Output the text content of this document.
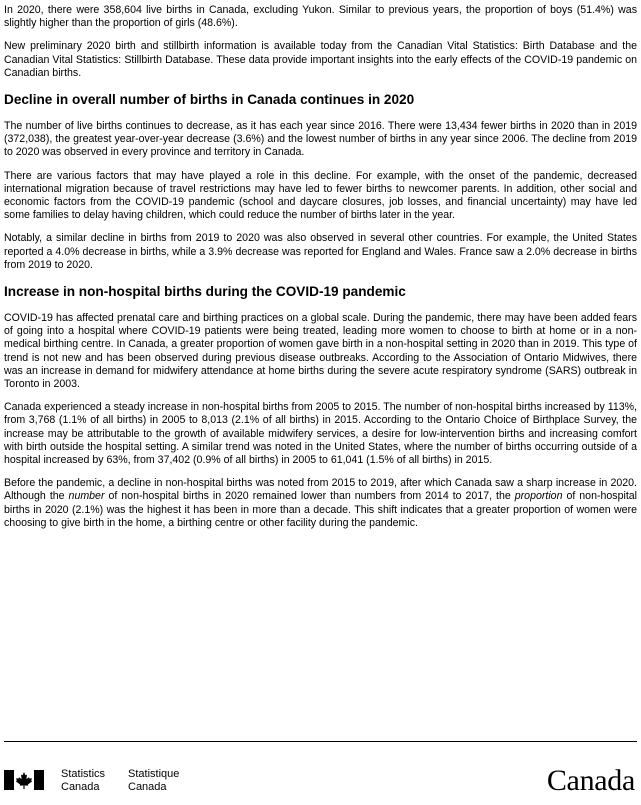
In 2020, there were 358,604 live births in Canada, excluding Yukon. Similar to previous years, the proportion of boys (51.4%) was slightly higher than the proportion of girls (48.6%).

New preliminary 2020 birth and stillbirth information is available today from the Canadian Vital Statistics: Birth Database and the Canadian Vital Statistics: Stillbirth Database. These data provide important insights into the early effects of the COVID-19 pandemic on Canadian births.

Decline in overall number of births in Canada continues in 2020

The number of live births continues to decrease, as it has each year since 2016. There were 13,434 fewer births in 2020 than in 2019 (372,038), the greatest year-over-year decrease (3.6%) and the lowest number of births in any year since 2006. The decline from 2019 to 2020 was observed in every province and territory in Canada.

There are various factors that may have played a role in this decline. For example, with the onset of the pandemic, decreased international migration because of travel restrictions may have led to fewer births to newcomer parents. In addition, other social and economic factors from the COVID-19 pandemic (school and daycare closures, job losses, and financial uncertainty) may have led some families to delay having children, which could reduce the number of births later in the year.

Notably, a similar decline in births from 2019 to 2020 was also observed in several other countries. For example, the United States reported a 4.0% decrease in births, while a 3.9% decrease was reported for England and Wales. France saw a 2.0% decrease in births from 2019 to 2020.

Increase in non-hospital births during the COVID-19 pandemic

COVID-19 has affected prenatal care and birthing practices on a global scale. During the pandemic, there may have been added fears of going into a hospital where COVID-19 patients were being treated, leading more women to choose to birth at home or in a non-medical birthing centre. In Canada, a greater proportion of women gave birth in a non-hospital setting in 2020 than in 2019. This type of trend is not new and has been observed during previous disease outbreaks. According to the Association of Ontario Midwives, there was an increase in demand for midwifery attendance at home births during the severe acute respiratory syndrome (SARS) outbreak in Toronto in 2003.

Canada experienced a steady increase in non-hospital births from 2005 to 2015. The number of non-hospital births increased by 113%, from 3,768 (1.1% of all births) in 2005 to 8,013 (2.1% of all births) in 2015. According to the Ontario Choice of Birthplace Survey, the increase may be attributable to the growth of available midwifery services, a desire for low-intervention births and increasing comfort with birth outside the hospital setting. A similar trend was noted in the United States, where the number of births occurring outside of a hospital increased by 63%, from 37,402 (0.9% of all births) in 2005 to 61,041 (1.5% of all births) in 2015.

Before the pandemic, a decline in non-hospital births was noted from 2015 to 2019, after which Canada saw a sharp increase in 2020. Although the number of non-hospital births in 2020 remained lower than numbers from 2014 to 2017, the proportion of non-hospital births in 2020 (2.1%) was the highest it has been in more than a decade. This shift indicates that a greater proportion of women were choosing to give birth in the home, a birthing centre or other facility during the pandemic.

Statistics
Canada
Statistique
Canada	Canada
